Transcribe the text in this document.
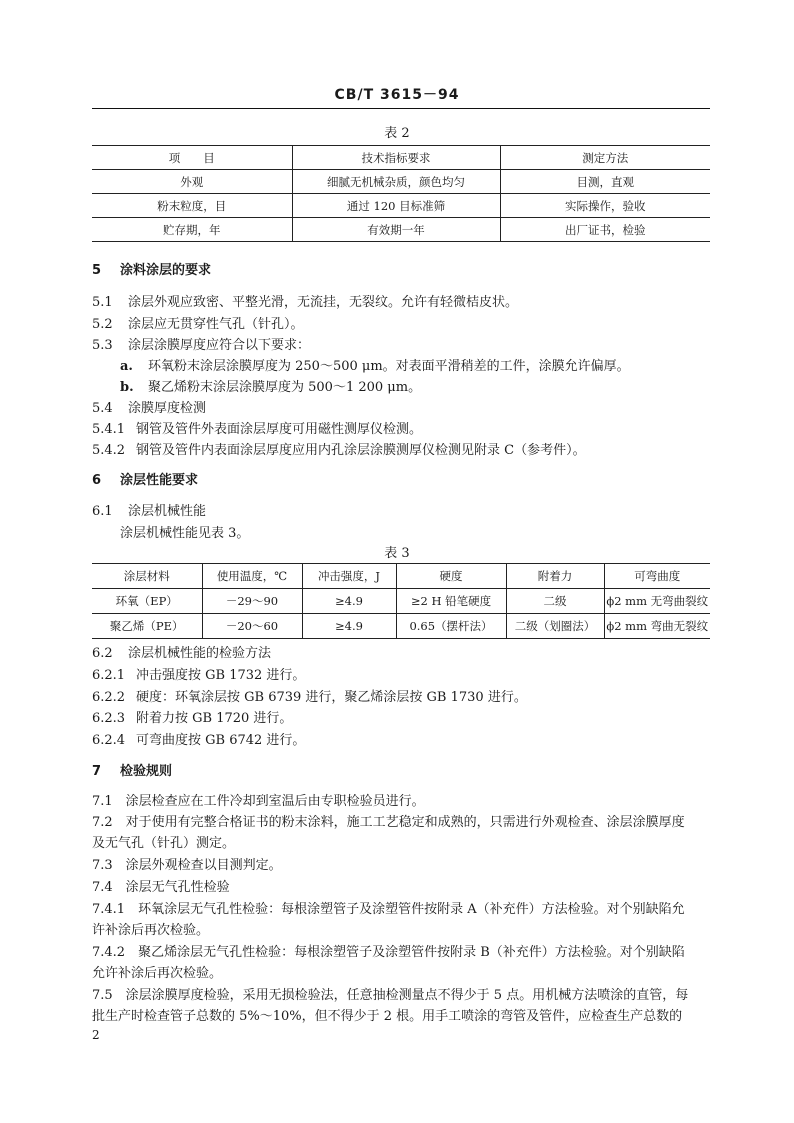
CB/T 3615－94
表 2
项　　目	技术指标要求	测定方法
外观	细腻无机械杂质，颜色均匀	目测，直观
粉末粒度，目	通过 120 目标准筛	实际操作，验收
贮存期，年	有效期一年	出厂证书，检验
5 涂料涂层的要求
5.1 涂层外观应致密、平整光滑，无流挂，无裂纹。允许有轻微桔皮状。
5.2 涂层应无贯穿性气孔（针孔）。
5.3 涂层涂膜厚度应符合以下要求：
a. 环氧粉末涂层涂膜厚度为 250～500 μm。对表面平滑稍差的工件，涂膜允许偏厚。
b. 聚乙烯粉末涂层涂膜厚度为 500～1 200 μm。
5.4 涂膜厚度检测
5.4.1 钢管及管件外表面涂层厚度可用磁性测厚仪检测。
5.4.2 钢管及管件内表面涂层厚度应用内孔涂层涂膜测厚仪检测见附录 C（参考件）。
6 涂层性能要求
6.1 涂层机械性能
涂层机械性能见表 3。
表 3
涂层材料	使用温度，℃	冲击强度，J	硬度	附着力	可弯曲度
环氧（EP）	－29～90	≥4.9	≥2 H 铅笔硬度	二级	ϕ2 mm 无弯曲裂纹
聚乙烯（PE）	－20～60	≥4.9	0.65（摆杆法）	二级（划圈法）	ϕ2 mm 弯曲无裂纹
6.2 涂层机械性能的检验方法
6.2.1 冲击强度按 GB 1732 进行。
6.2.2 硬度：环氧涂层按 GB 6739 进行，聚乙烯涂层按 GB 1730 进行。
6.2.3 附着力按 GB 1720 进行。
6.2.4 可弯曲度按 GB 6742 进行。
7 检验规则
7.1　涂层检查应在工件冷却到室温后由专职检验员进行。
7.2　对于使用有完整合格证书的粉末涂料，施工工艺稳定和成熟的，只需进行外观检查、涂层涂膜厚度
及无气孔（针孔）测定。
7.3　涂层外观检查以目测判定。
7.4　涂层无气孔性检验
7.4.1　环氧涂层无气孔性检验：每根涂塑管子及涂塑管件按附录 A（补充件）方法检验。对个别缺陷允
许补涂后再次检验。
7.4.2　聚乙烯涂层无气孔性检验：每根涂塑管子及涂塑管件按附录 B（补充件）方法检验。对个别缺陷
允许补涂后再次检验。
7.5　涂层涂膜厚度检验，采用无损检验法，任意抽检测量点不得少于 5 点。用机械方法喷涂的直管，每
批生产时检查管子总数的 5%～10%，但不得少于 2 根。用手工喷涂的弯管及管件，应检查生产总数的
2
